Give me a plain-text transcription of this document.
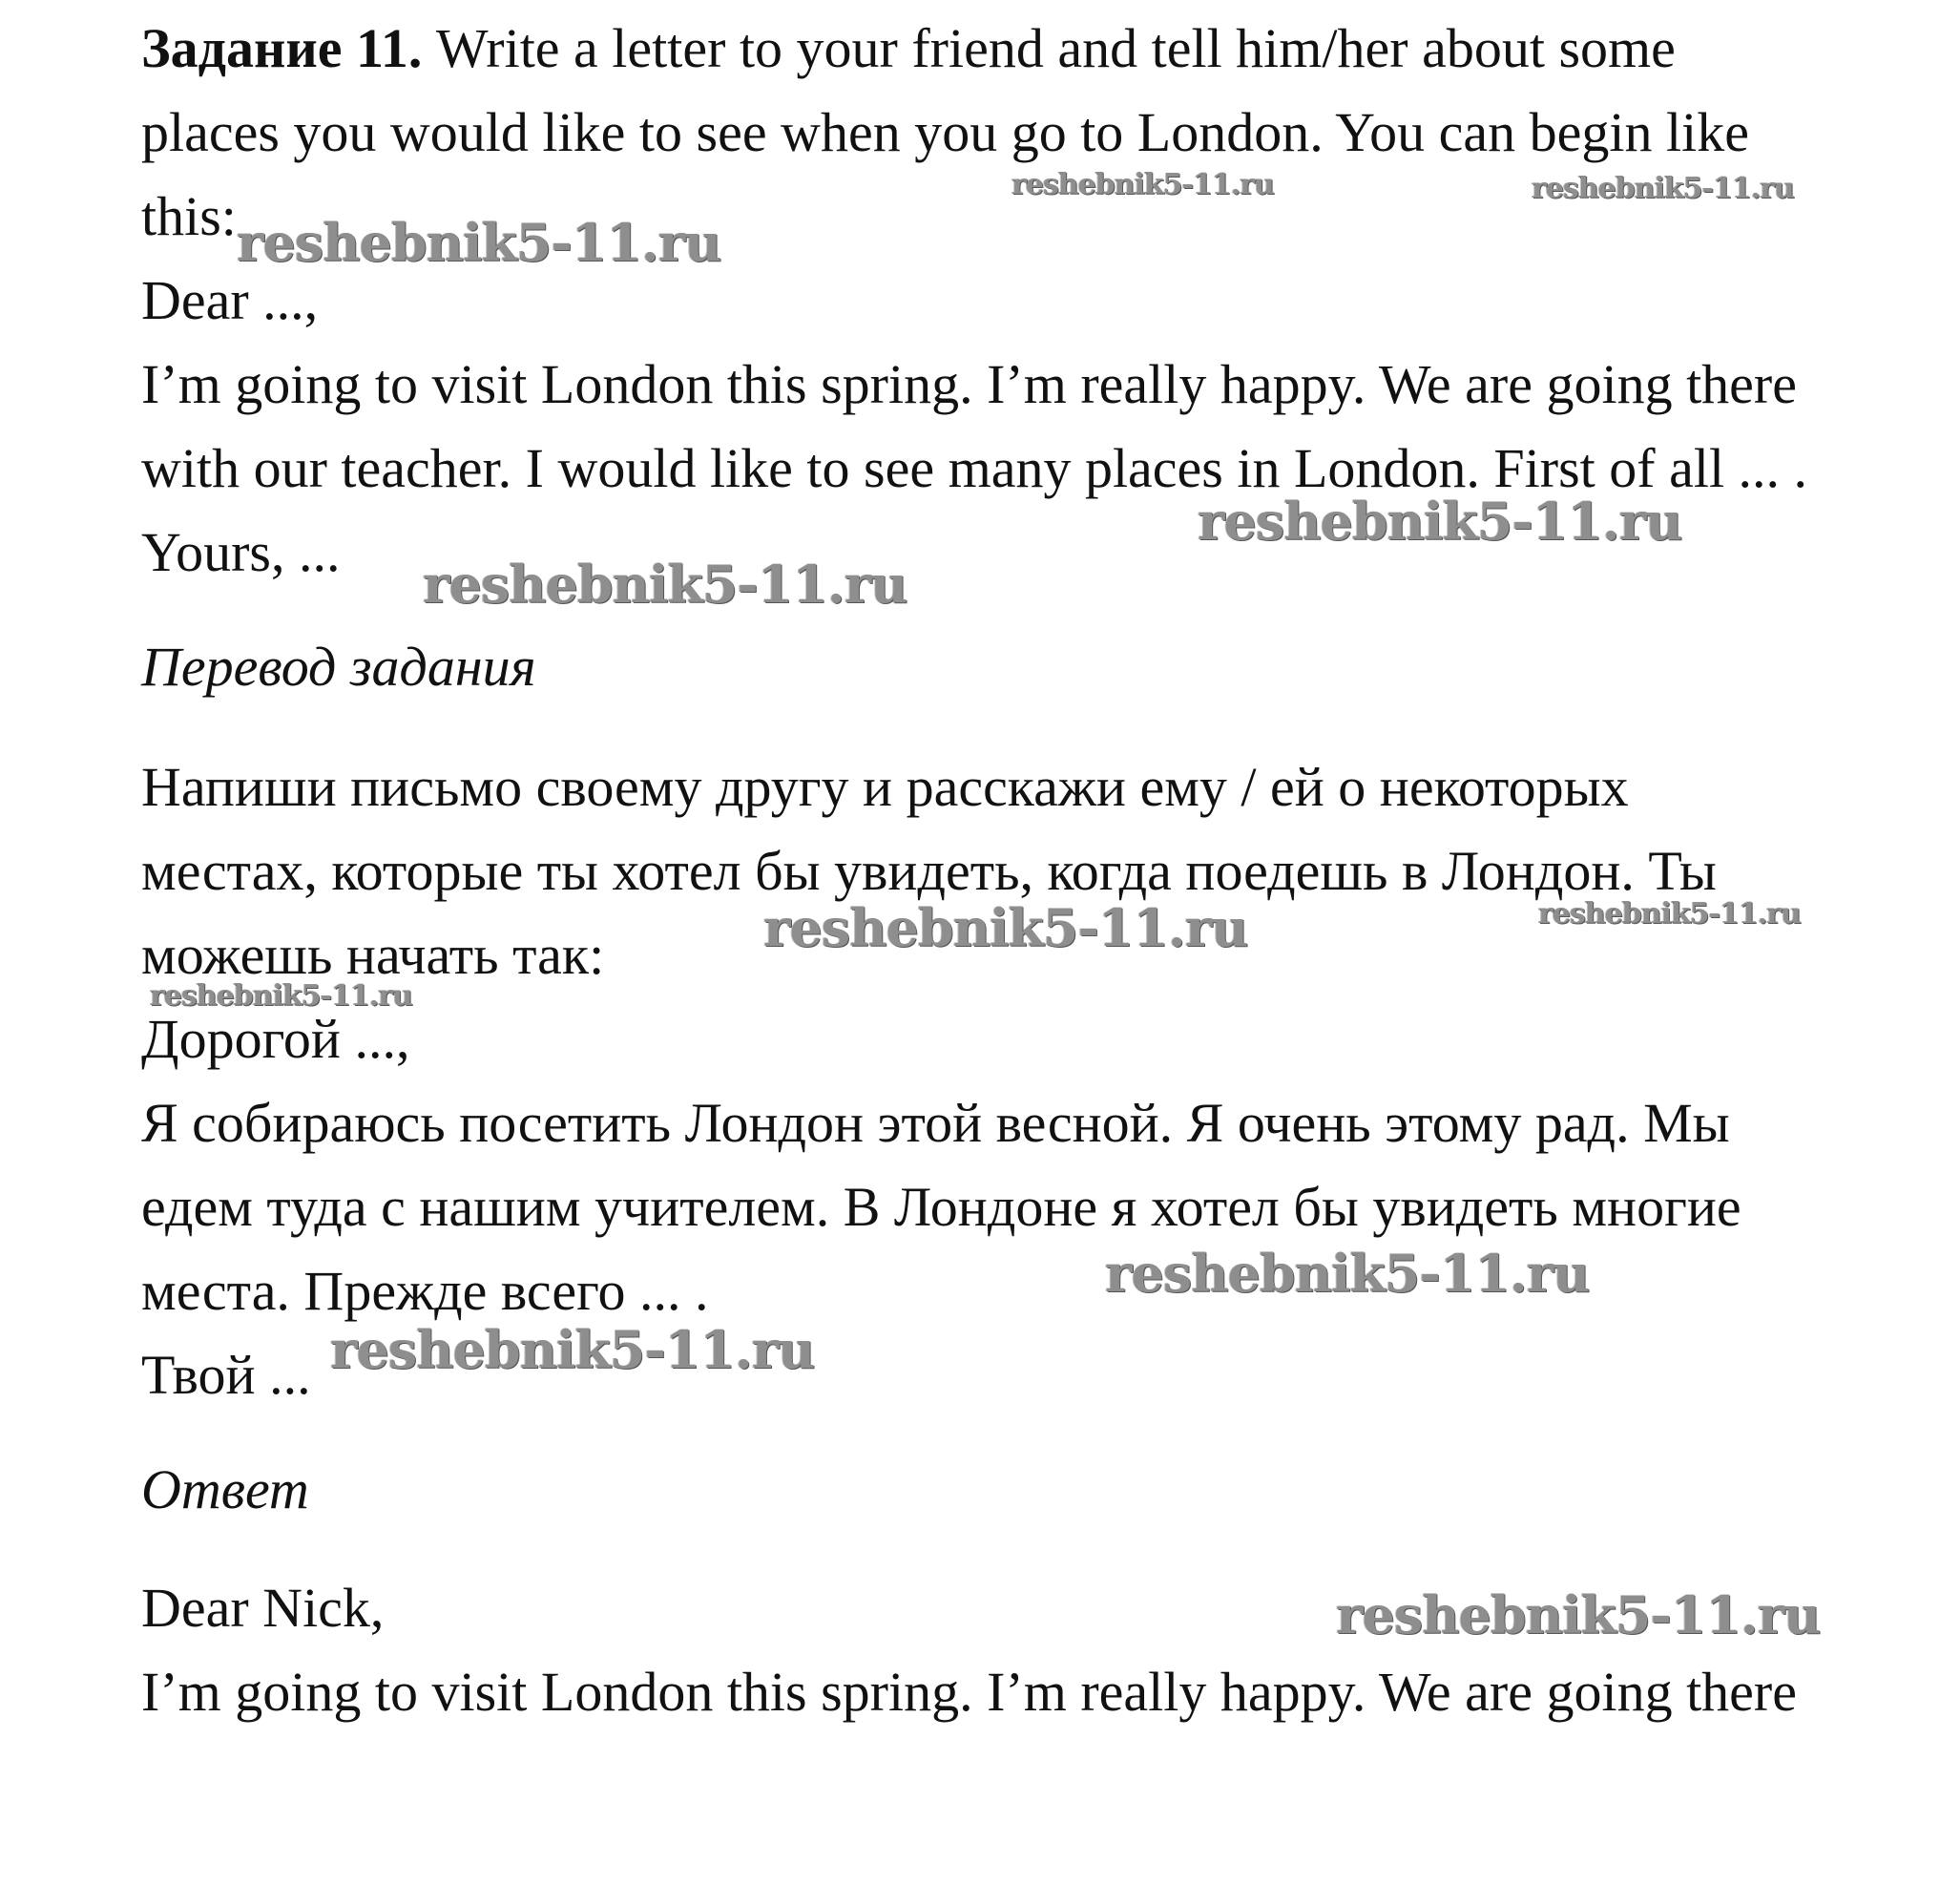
Задание 11. Write a letter to your friend and tell him/her about some
places you would like to see when you go to London. You can begin like
this:
Dear ...,
I’m going to visit London this spring. I’m really happy. We are going there
with our teacher. I would like to see many places in London. First of all ... .
Yours, ...
Перевод задания
Напиши письмо своему другу и расскажи ему / ей о некоторых
местах, которые ты хотел бы увидеть, когда поедешь в Лондон. Ты
можешь начать так:
Дорогой ...,
Я собираюсь посетить Лондон этой весной. Я очень этому рад. Мы
едем туда с нашим учителем. В Лондоне я хотел бы увидеть многие
места. Прежде всего ... .
Твой ...
Ответ
Dear Nick,
I’m going to visit London this spring. I’m really happy. We are going there
reshebnik5-11.ru	reshebnik5-11.ru
reshebnik5-11.ru
reshebnik5-11.ru
reshebnik5-11.ru
reshebnik5-11.ru
reshebnik5-11.ru
reshebnik5-11.ru
reshebnik5-11.ru
reshebnik5-11.ru
reshebnik5-11.ru
